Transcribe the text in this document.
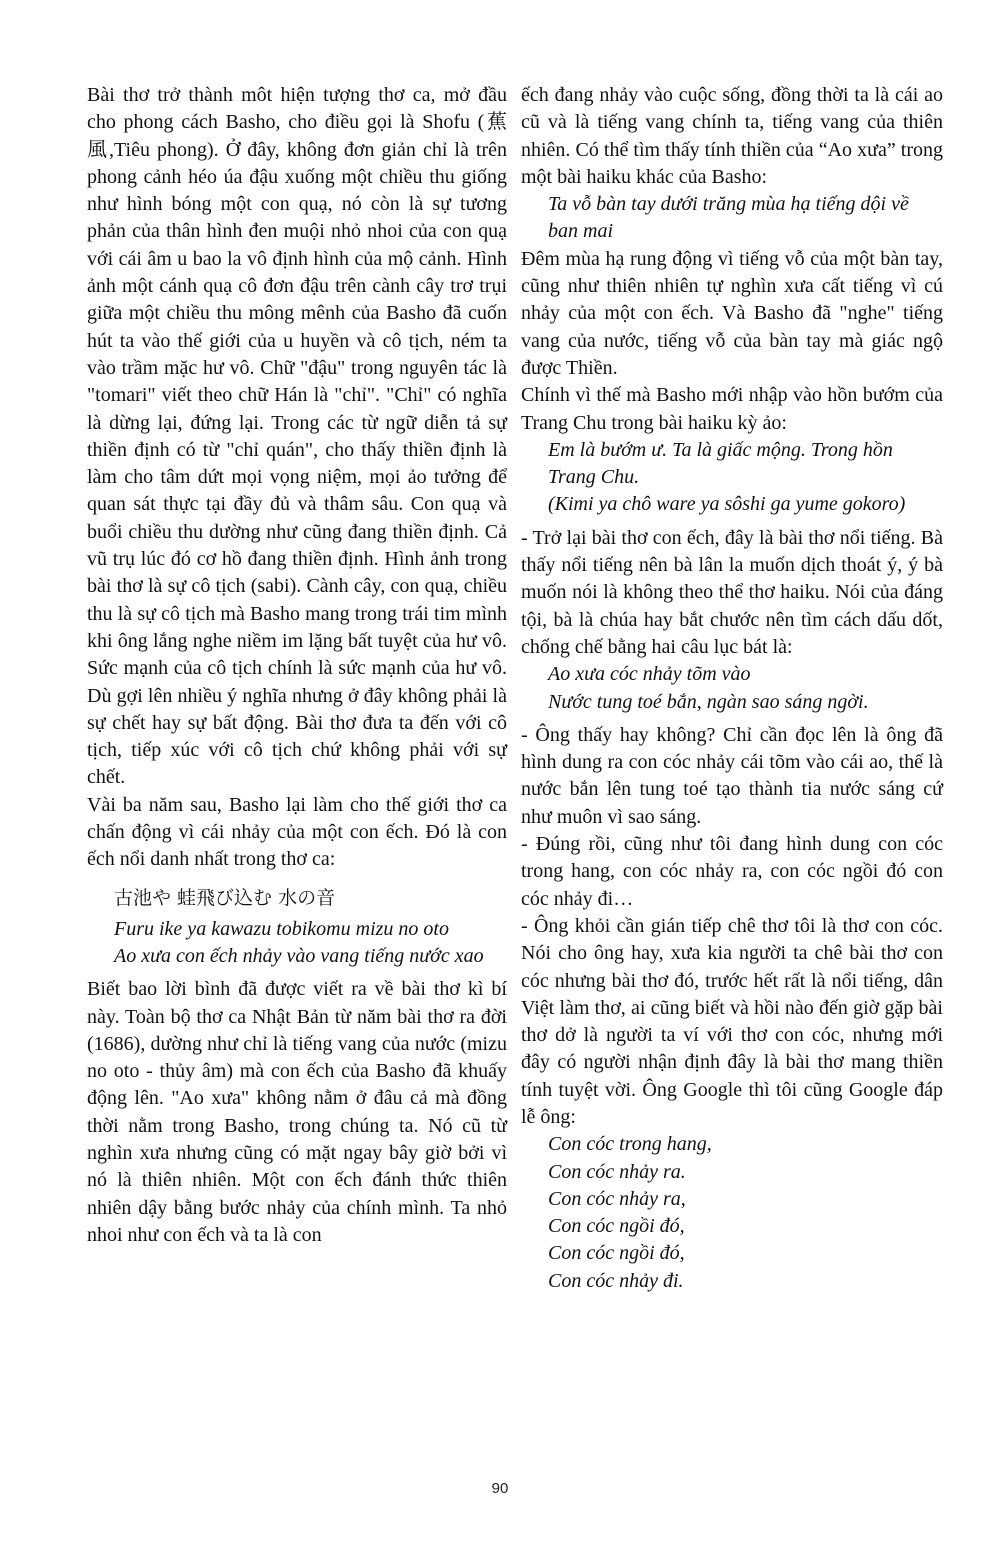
Bài thơ trở thành môt hiện tượng thơ ca, mở đầu cho phong cách Basho, cho điều gọi là Shofu (蕉風,Tiêu phong). Ở đây, không đơn giản chỉ là trên phong cảnh héo úa đậu xuống một chiều thu giống như hình bóng một con quạ, nó còn là sự tương phản của thân hình đen muội nhỏ nhoi của con quạ với cái âm u bao la vô định hình của mộ cảnh. Hình ảnh một cánh quạ cô đơn đậu trên cành cây trơ trụi giữa một chiều thu mông mênh của Basho đã cuốn hút ta vào thế giới của u huyền và cô tịch, ném ta vào trầm mặc hư vô. Chữ "đậu" trong nguyên tác là "tomari" viết theo chữ Hán là "chỉ". "Chỉ" có nghĩa là dừng lại, đứng lại. Trong các từ ngữ diễn tả sự thiền định có từ "chỉ quán", cho thấy thiền định là làm cho tâm dứt mọi vọng niệm, mọi ảo tưởng để quan sát thực tại đầy đủ và thâm sâu. Con quạ và buổi chiều thu dường như cũng đang thiền định. Cả vũ trụ lúc đó cơ hồ đang thiền định. Hình ảnh trong bài thơ là sự cô tịch (sabi). Cành cây, con quạ, chiều thu là sự cô tịch mà Basho mang trong trái tim mình khi ông lắng nghe niềm im lặng bất tuyệt của hư vô. Sức mạnh của cô tịch chính là sức mạnh của hư vô. Dù gợi lên nhiều ý nghĩa nhưng ở đây không phải là sự chết hay sự bất động. Bài thơ đưa ta đến với cô tịch, tiếp xúc với cô tịch chứ không phải với sự chết.

Vài ba năm sau, Basho lại làm cho thế giới thơ ca chấn động vì cái nhảy của một con ếch. Đó là con ếch nổi danh nhất trong thơ ca:

古池や 蛙飛び込む 水の音

Furu ike ya kawazu tobikomu mizu no oto

Ao xưa con ếch nhảy vào vang tiếng nước xao

Biết bao lời bình đã được viết ra về bài thơ kì bí này. Toàn bộ thơ ca Nhật Bản từ năm bài thơ ra đời (1686), dường như chỉ là tiếng vang của nước (mizu no oto - thủy âm) mà con ếch của Basho đã khuấy động lên. "Ao xưa" không nằm ở đâu cả mà đồng thời nằm trong Basho, trong chúng ta. Nó cũ từ nghìn xưa nhưng cũng có mặt ngay bây giờ bởi vì nó là thiên nhiên. Một con ếch đánh thức thiên nhiên dậy bằng bước nhảy của chính mình. Ta nhỏ nhoi như con ếch và ta là con

ếch đang nhảy vào cuộc sống, đồng thời ta là cái ao cũ và là tiếng vang chính ta, tiếng vang của thiên nhiên. Có thể tìm thấy tính thiền của “Ao xưa” trong một bài haiku khác của Basho:

Ta vỗ bàn tay dưới trăng mùa hạ tiếng dội về ban mai

Đêm mùa hạ rung động vì tiếng vỗ của một bàn tay, cũng như thiên nhiên tự nghìn xưa cất tiếng vì cú nhảy của một con ếch. Và Basho đã "nghe" tiếng vang của nước, tiếng vỗ của bàn tay mà giác ngộ được Thiền.

Chính vì thế mà Basho mới nhập vào hồn bướm của Trang Chu trong bài haiku kỳ ảo:

Em là bướm ư. Ta là giấc mộng. Trong hồn Trang Chu.

(Kimi ya chô ware ya sôshi ga yume gokoro)

- Trở lại bài thơ con ếch, đây là bài thơ nổi tiếng. Bà thấy nổi tiếng nên bà lân la muốn dịch thoát ý, ý bà muốn nói là không theo thể thơ haiku. Nói của đáng tội, bà là chúa hay bắt chước nên tìm cách dấu dốt, chống chế bằng hai câu lục bát là:

Ao xưa cóc nhảy tõm vào
Nước tung toé bắn, ngàn sao sáng ngời.

- Ông thấy hay không? Chỉ cần đọc lên là ông đã hình dung ra con cóc nhảy cái tõm vào cái ao, thế là nước bắn lên tung toé tạo thành tia nước sáng cứ như muôn vì sao sáng.

- Đúng rồi, cũng như tôi đang hình dung con cóc trong hang, con cóc nhảy ra, con cóc ngồi đó con cóc nhảy đi…

- Ông khỏi cần gián tiếp chê thơ tôi là thơ con cóc. Nói cho ông hay, xưa kia người ta chê bài thơ con cóc nhưng bài thơ đó, trước hết rất là nổi tiếng, dân Việt làm thơ, ai cũng biết và hồi nào đến giờ gặp bài thơ dở là người ta ví với thơ con cóc, nhưng mới đây có người nhận định đây là bài thơ mang thiền tính tuyệt vời. Ông Google thì tôi cũng Google đáp lễ ông:

Con cóc trong hang,
Con cóc nhảy ra.
Con cóc nhảy ra,
Con cóc ngồi đó,
Con cóc ngồi đó,
Con cóc nhảy đi.
90
